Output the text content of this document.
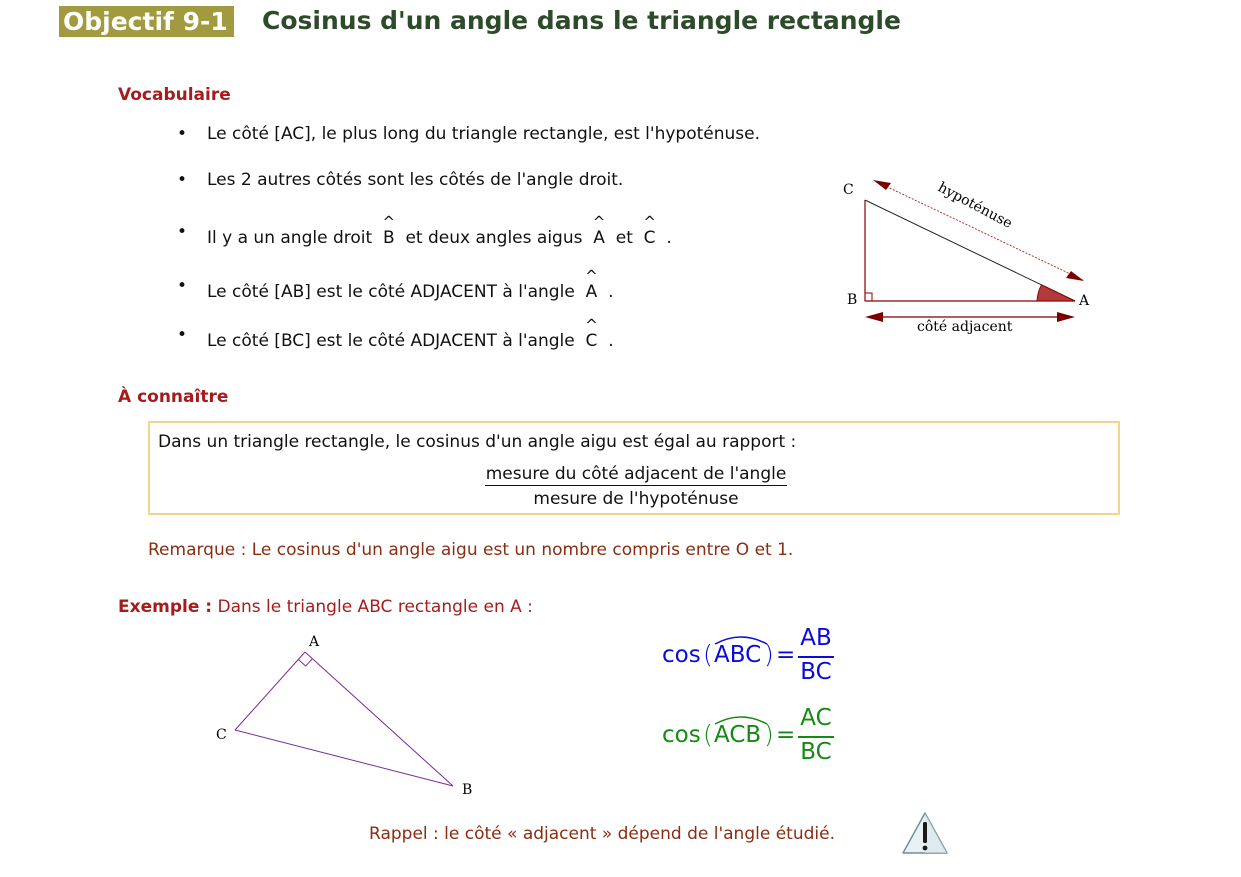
Objectif 9-1 Cosinus d'un angle dans le triangle rectangle
Vocabulaire
• Le côté [AC], le plus long du triangle rectangle, est l'hypoténuse.
• Les 2 autres côtés sont les côtés de l'angle droit.
• Il y a un angle droit ^ B et deux angles aigus ^ A et ^ C .
• Le côté [AB] est le côté ADJACENT à l'angle ^ A .
• Le côté [BC] est le côté ADJACENT à l'angle ^ C .
C
B	A
hypoténuse
côté adjacent
À connaître
Dans un triangle rectangle, le cosinus d'un angle aigu est égal au rapport :
mesure du côté adjacent de l'angle
mesure de l'hypoténuse
Remarque : Le cosinus d'un angle aigu est un nombre compris entre O et 1.
Exemple : Dans le triangle ABC rectangle en A :
A
C
B
cos ( ABC ) =
AB
BC
cos ( ACB ) =
AC
BC
Rappel : le côté « adjacent » dépend de l'angle étudié.
